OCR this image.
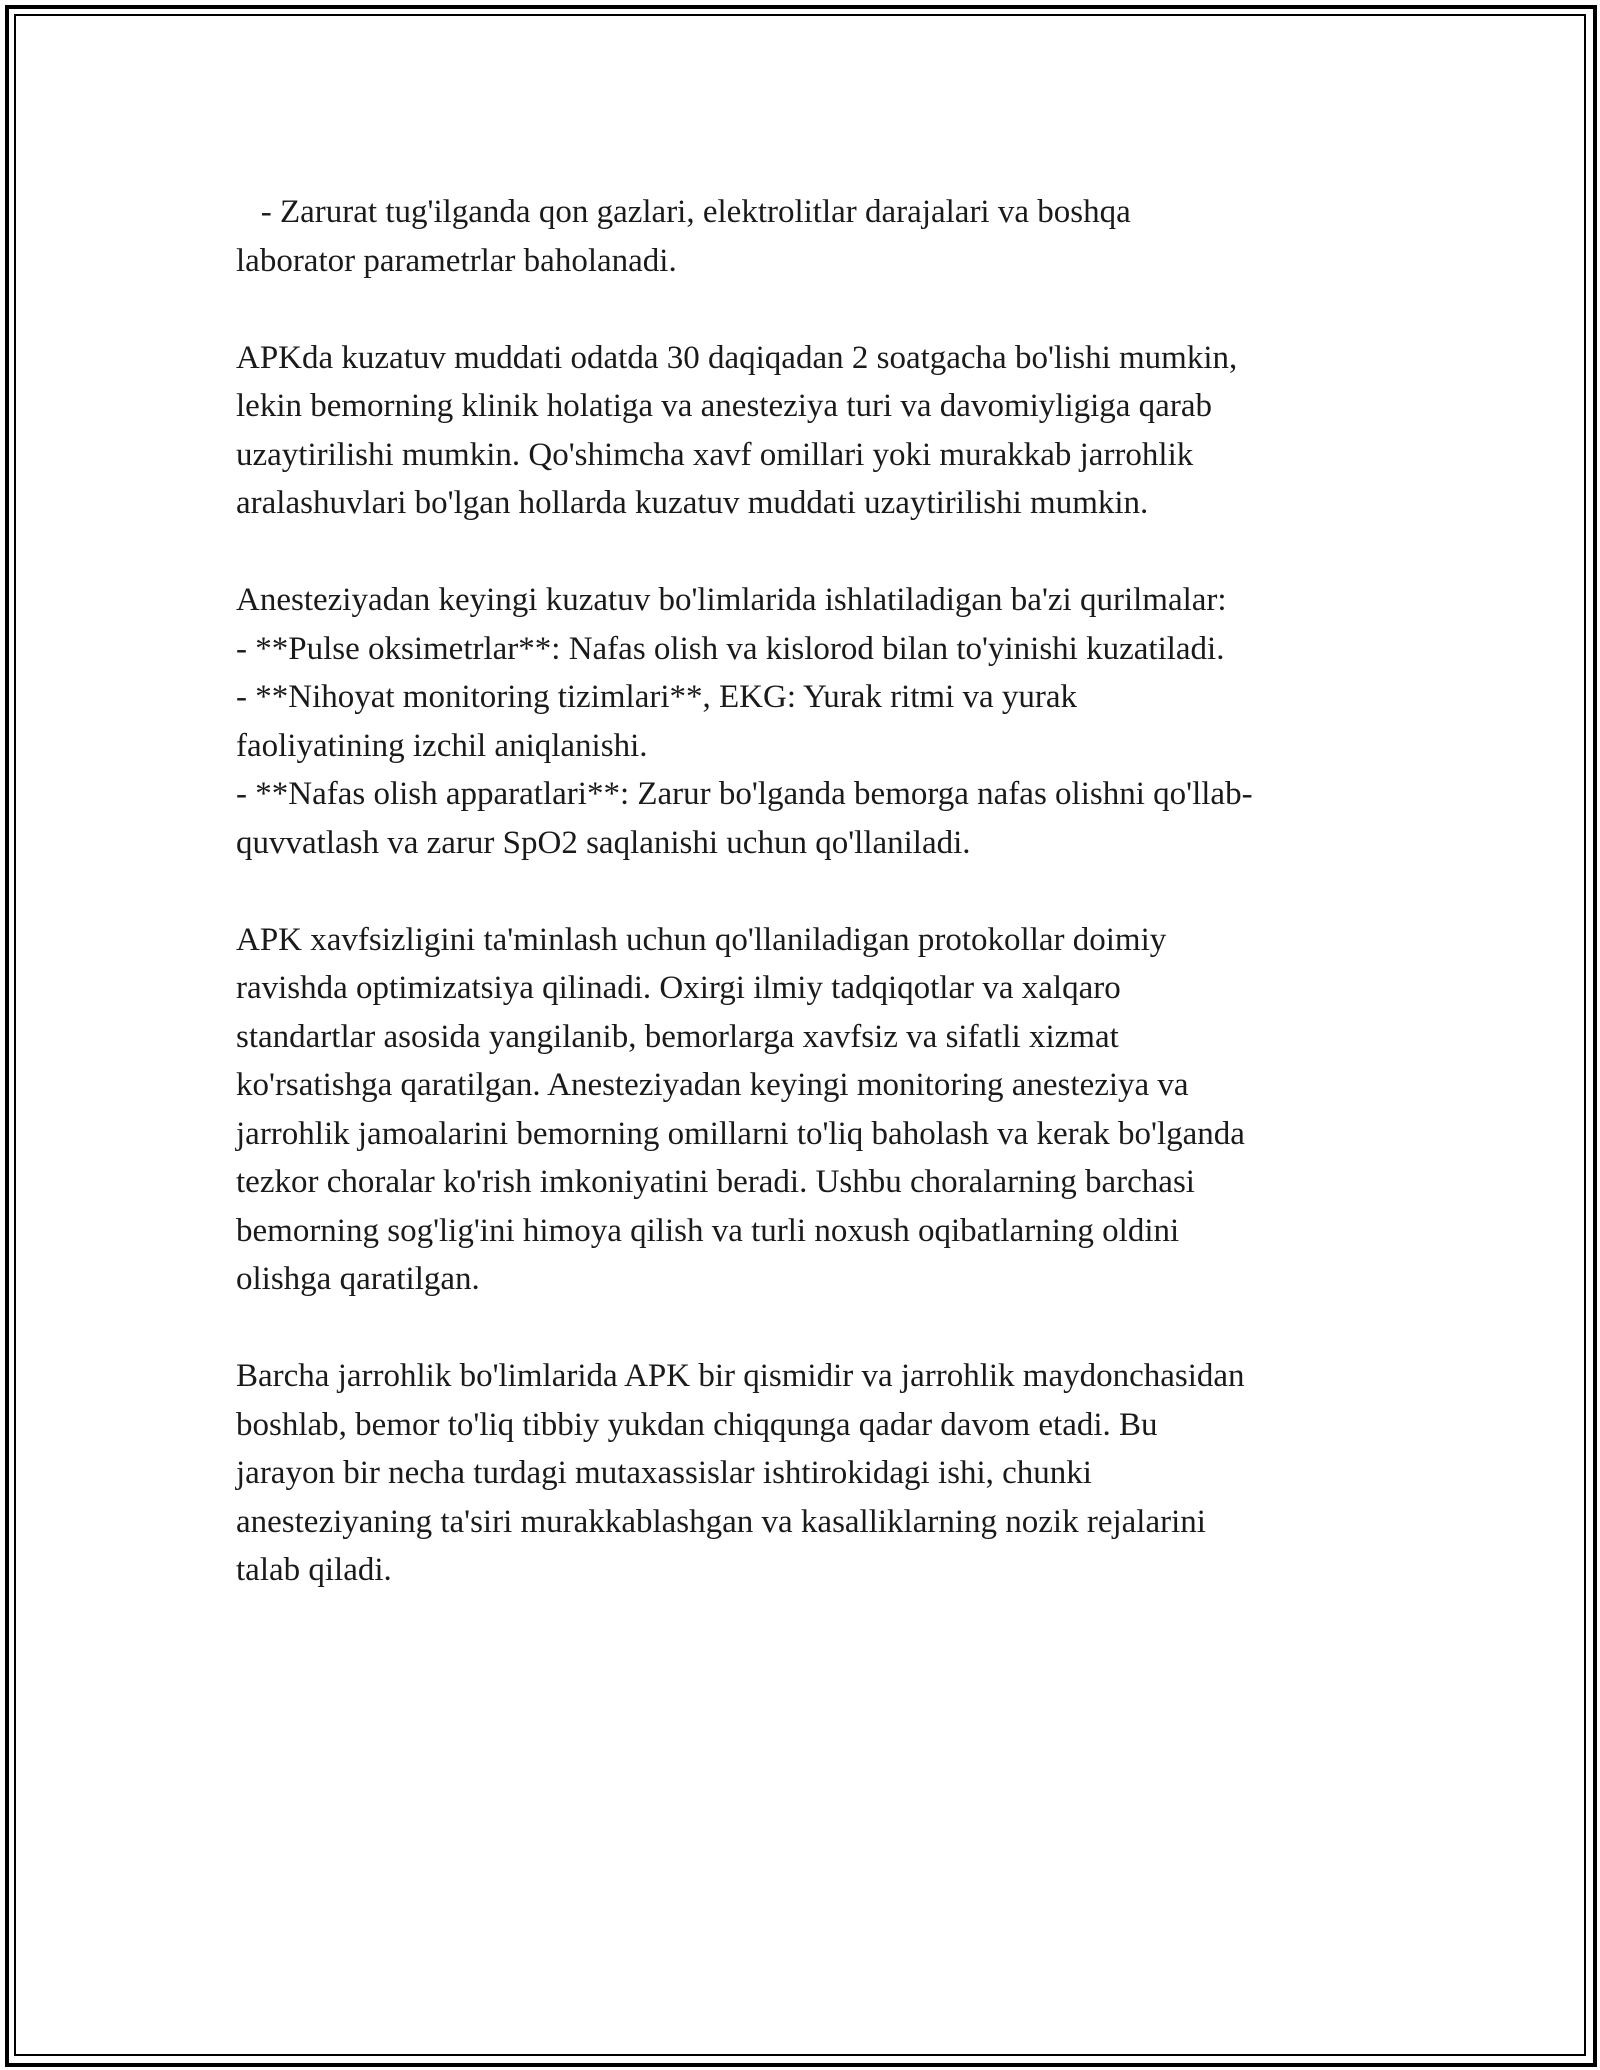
- Zarurat tug'ilganda qon gazlari, elektrolitlar darajalari va boshqa
laborator parametrlar baholanadi.
APKda kuzatuv muddati odatda 30 daqiqadan 2 soatgacha bo'lishi mumkin,
lekin bemorning klinik holatiga va anesteziya turi va davomiyligiga qarab
uzaytirilishi mumkin. Qo'shimcha xavf omillari yoki murakkab jarrohlik
aralashuvlari bo'lgan hollarda kuzatuv muddati uzaytirilishi mumkin.
Anesteziyadan keyingi kuzatuv bo'limlarida ishlatiladigan ba'zi qurilmalar:
- **Pulse oksimetrlar**: Nafas olish va kislorod bilan to'yinishi kuzatiladi.
- **Nihoyat monitoring tizimlari**, EKG: Yurak ritmi va yurak
faoliyatining izchil aniqlanishi.
- **Nafas olish apparatlari**: Zarur bo'lganda bemorga nafas olishni qo'llab-
quvvatlash va zarur SpO2 saqlanishi uchun qo'llaniladi.
APK xavfsizligini ta'minlash uchun qo'llaniladigan protokollar doimiy
ravishda optimizatsiya qilinadi. Oxirgi ilmiy tadqiqotlar va xalqaro
standartlar asosida yangilanib, bemorlarga xavfsiz va sifatli xizmat
ko'rsatishga qaratilgan. Anesteziyadan keyingi monitoring anesteziya va
jarrohlik jamoalarini bemorning omillarni to'liq baholash va kerak bo'lganda
tezkor choralar ko'rish imkoniyatini beradi. Ushbu choralarning barchasi
bemorning sog'lig'ini himoya qilish va turli noxush oqibatlarning oldini
olishga qaratilgan.
Barcha jarrohlik bo'limlarida APK bir qismidir va jarrohlik maydonchasidan
boshlab, bemor to'liq tibbiy yukdan chiqqunga qadar davom etadi. Bu
jarayon bir necha turdagi mutaxassislar ishtirokidagi ishi, chunki
anesteziyaning ta'siri murakkablashgan va kasalliklarning nozik rejalarini
talab qiladi.
